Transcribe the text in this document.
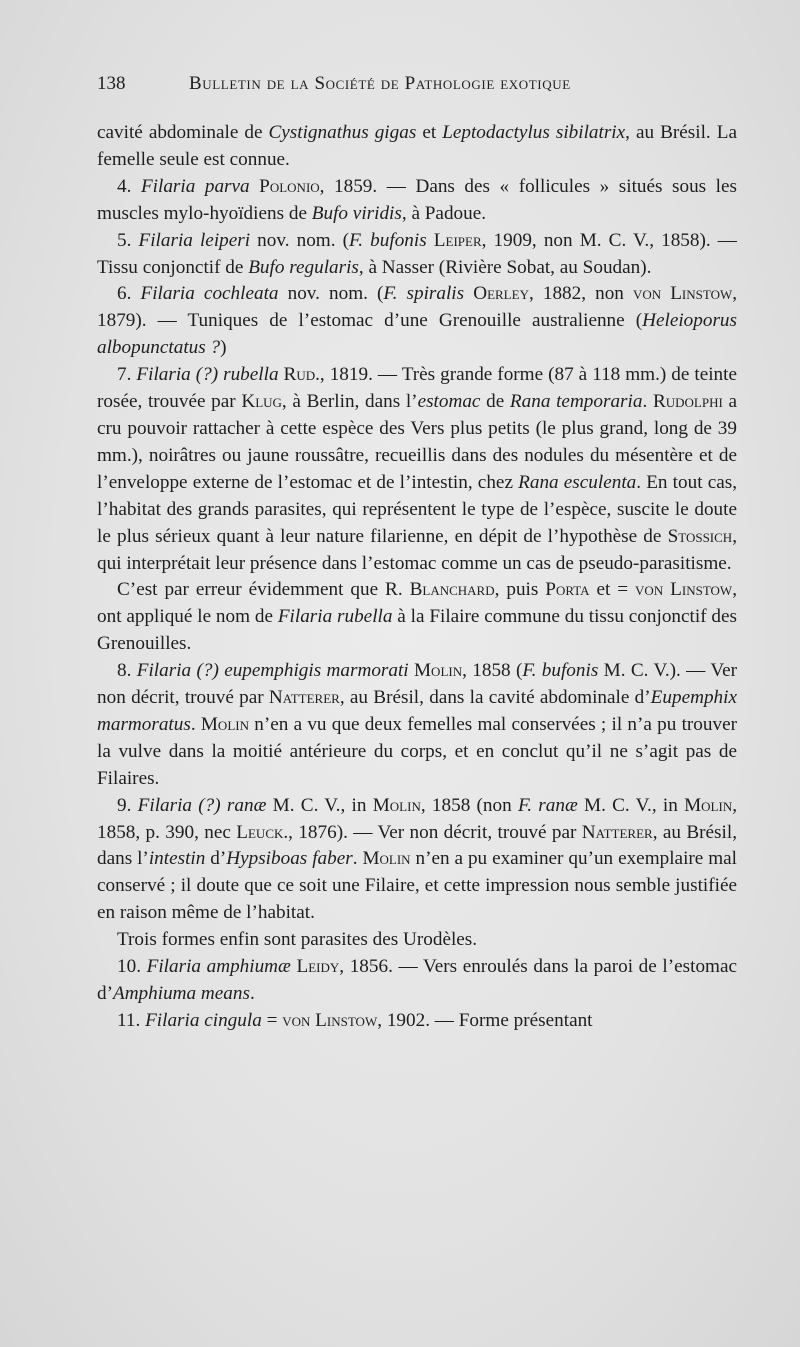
138	Bulletin de la Société de Pathologie exotique

cavité abdominale de Cystignathus gigas et Leptodactylus sibilatrix, au Brésil. La femelle seule est connue.

4. Filaria parva Polonio, 1859. — Dans des « follicules » situés sous les muscles mylo-hyoïdiens de Bufo viridis, à Padoue.

5. Filaria leiperi nov. nom. (F. bufonis Leiper, 1909, non M. C. V., 1858). — Tissu conjonctif de Bufo regularis, à Nasser (Rivière Sobat, au Soudan).

6. Filaria cochleata nov. nom. (F. spiralis Oerley, 1882, non von Linstow, 1879). — Tuniques de l’estomac d’une Grenouille australienne (Heleioporus albopunctatus ?)

7. Filaria (?) rubella Rud., 1819. — Très grande forme (87 à 118 mm.) de teinte rosée, trouvée par Klug, à Berlin, dans l’estomac de Rana temporaria. Rudolphi a cru pouvoir rattacher à cette espèce des Vers plus petits (le plus grand, long de 39 mm.), noirâtres ou jaune roussâtre, recueillis dans des nodules du mésentère et de l’enveloppe externe de l’estomac et de l’intestin, chez Rana esculenta. En tout cas, l’habitat des grands parasites, qui représentent le type de l’espèce, suscite le doute le plus sérieux quant à leur nature filarienne, en dépit de l’hypothèse de Stossich, qui interprétait leur présence dans l’estomac comme un cas de pseudo-parasitisme.

C’est par erreur évidemment que R. Blanchard, puis Porta et = von Linstow, ont appliqué le nom de Filaria rubella à la Filaire commune du tissu conjonctif des Grenouilles.

8. Filaria (?) eupemphigis marmorati Molin, 1858 (F. bufonis M. C. V.). — Ver non décrit, trouvé par Natterer, au Brésil, dans la cavité abdominale d’Eupemphix marmoratus. Molin n’en a vu que deux femelles mal conservées ; il n’a pu trouver la vulve dans la moitié antérieure du corps, et en conclut qu’il ne s’agit pas de Filaires.

9. Filaria (?) ranæ M. C. V., in Molin, 1858 (non F. ranæ M. C. V., in Molin, 1858, p. 390, nec Leuck., 1876). — Ver non décrit, trouvé par Natterer, au Brésil, dans l’intestin d’Hypsiboas faber. Molin n’en a pu examiner qu’un exemplaire mal conservé ; il doute que ce soit une Filaire, et cette impression nous semble justifiée en raison même de l’habitat.

Trois formes enfin sont parasites des Urodèles.

10. Filaria amphiumæ Leidy, 1856. — Vers enroulés dans la paroi de l’estomac d’Amphiuma means.

11. Filaria cingula = von Linstow, 1902. — Forme présentant
